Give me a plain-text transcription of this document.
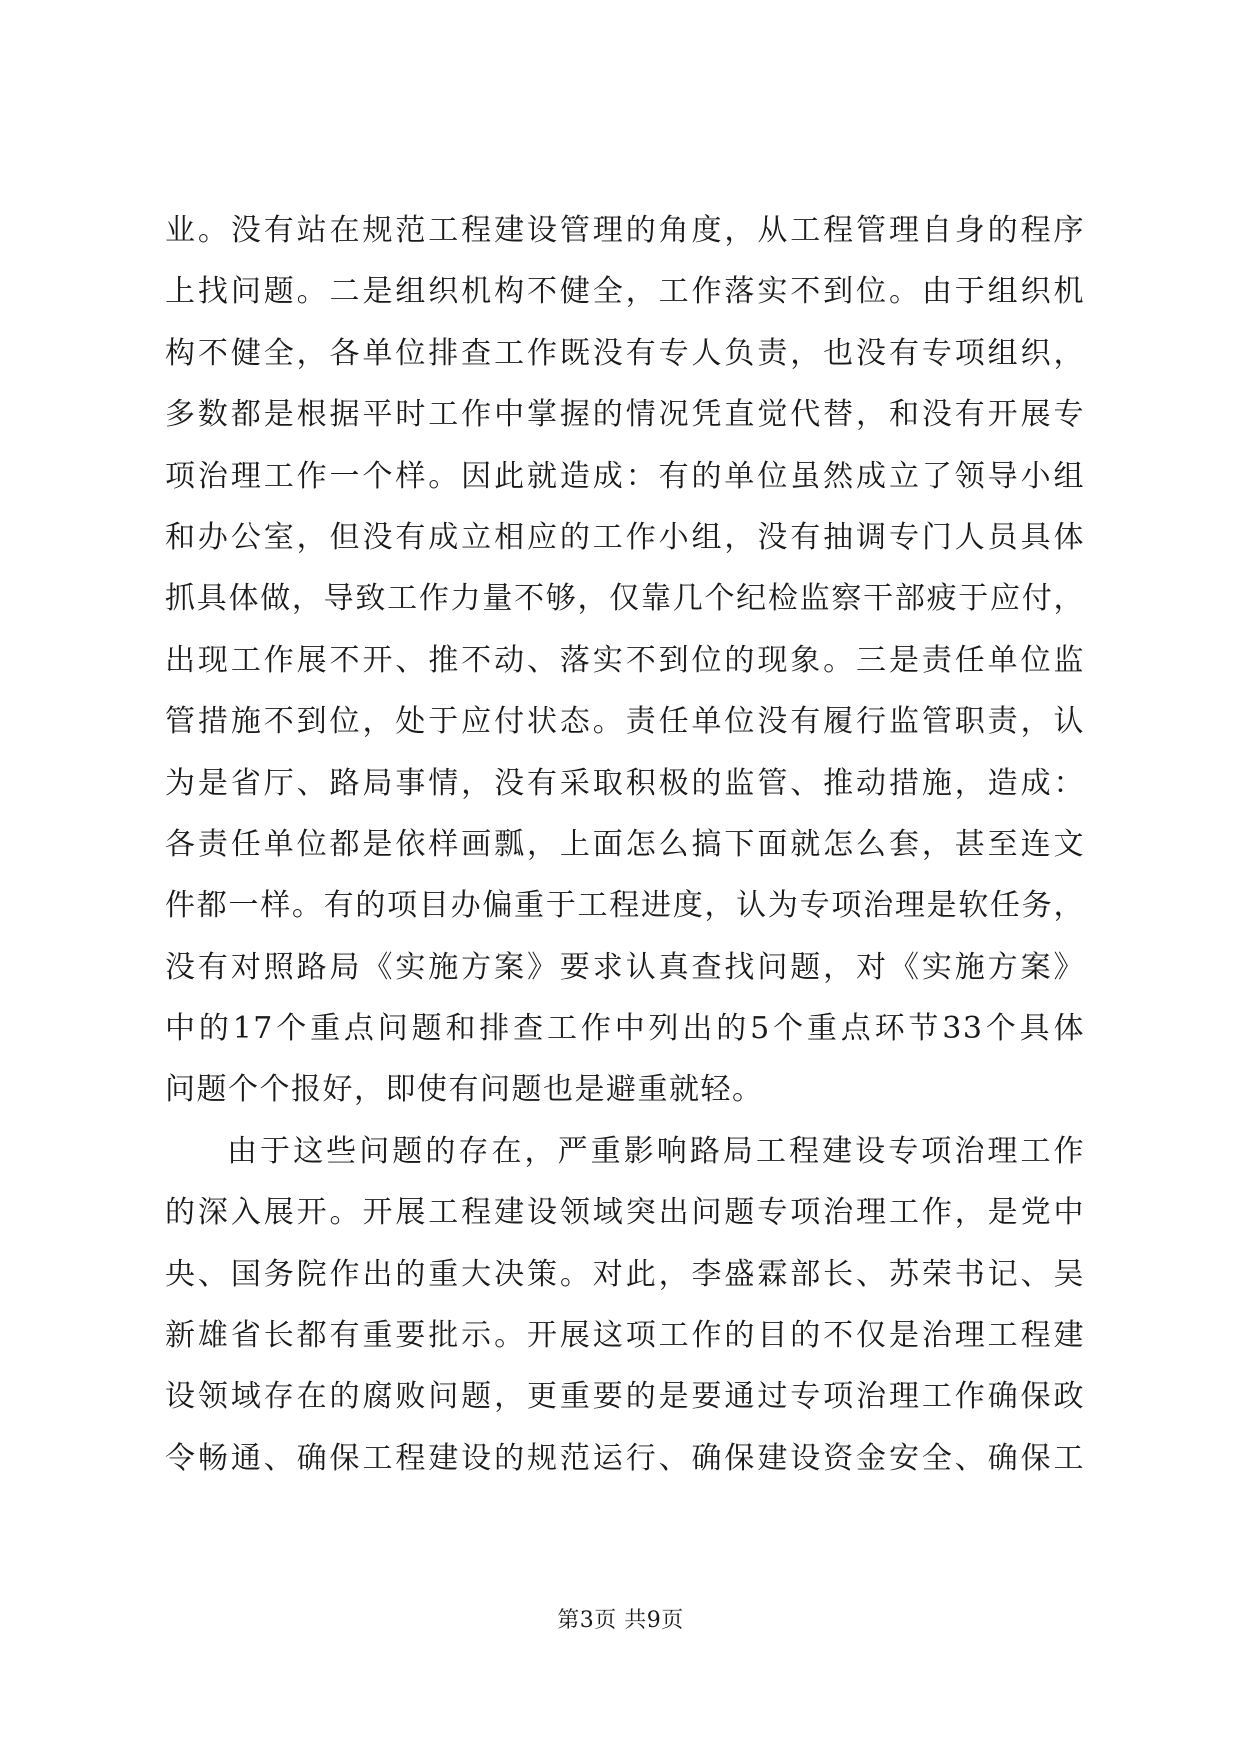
业。没有站在规范工程建设管理的角度，从工程管理自身的程序
上找问题。二是组织机构不健全，工作落实不到位。由于组织机
构不健全，各单位排查工作既没有专人负责，也没有专项组织，
多数都是根据平时工作中掌握的情况凭直觉代替，和没有开展专
项治理工作一个样。因此就造成：有的单位虽然成立了领导小组
和办公室，但没有成立相应的工作小组，没有抽调专门人员具体
抓具体做，导致工作力量不够，仅靠几个纪检监察干部疲于应付，
出现工作展不开、推不动、落实不到位的现象。三是责任单位监
管措施不到位，处于应付状态。责任单位没有履行监管职责，认
为是省厅、路局事情，没有采取积极的监管、推动措施，造成：
各责任单位都是依样画瓢，上面怎么搞下面就怎么套，甚至连文
件都一样。有的项目办偏重于工程进度，认为专项治理是软任务，
没有对照路局《实施方案》要求认真查找问题，对《实施方案》
中的17个重点问题和排查工作中列出的5个重点环节33个具体
问题个个报好，即使有问题也是避重就轻。
由于这些问题的存在，严重影响路局工程建设专项治理工作
的深入展开。开展工程建设领域突出问题专项治理工作，是党中
央、国务院作出的重大决策。对此，李盛霖部长、苏荣书记、吴
新雄省长都有重要批示。开展这项工作的目的不仅是治理工程建
设领域存在的腐败问题，更重要的是要通过专项治理工作确保政
令畅通、确保工程建设的规范运行、确保建设资金安全、确保工
第3页 共9页
